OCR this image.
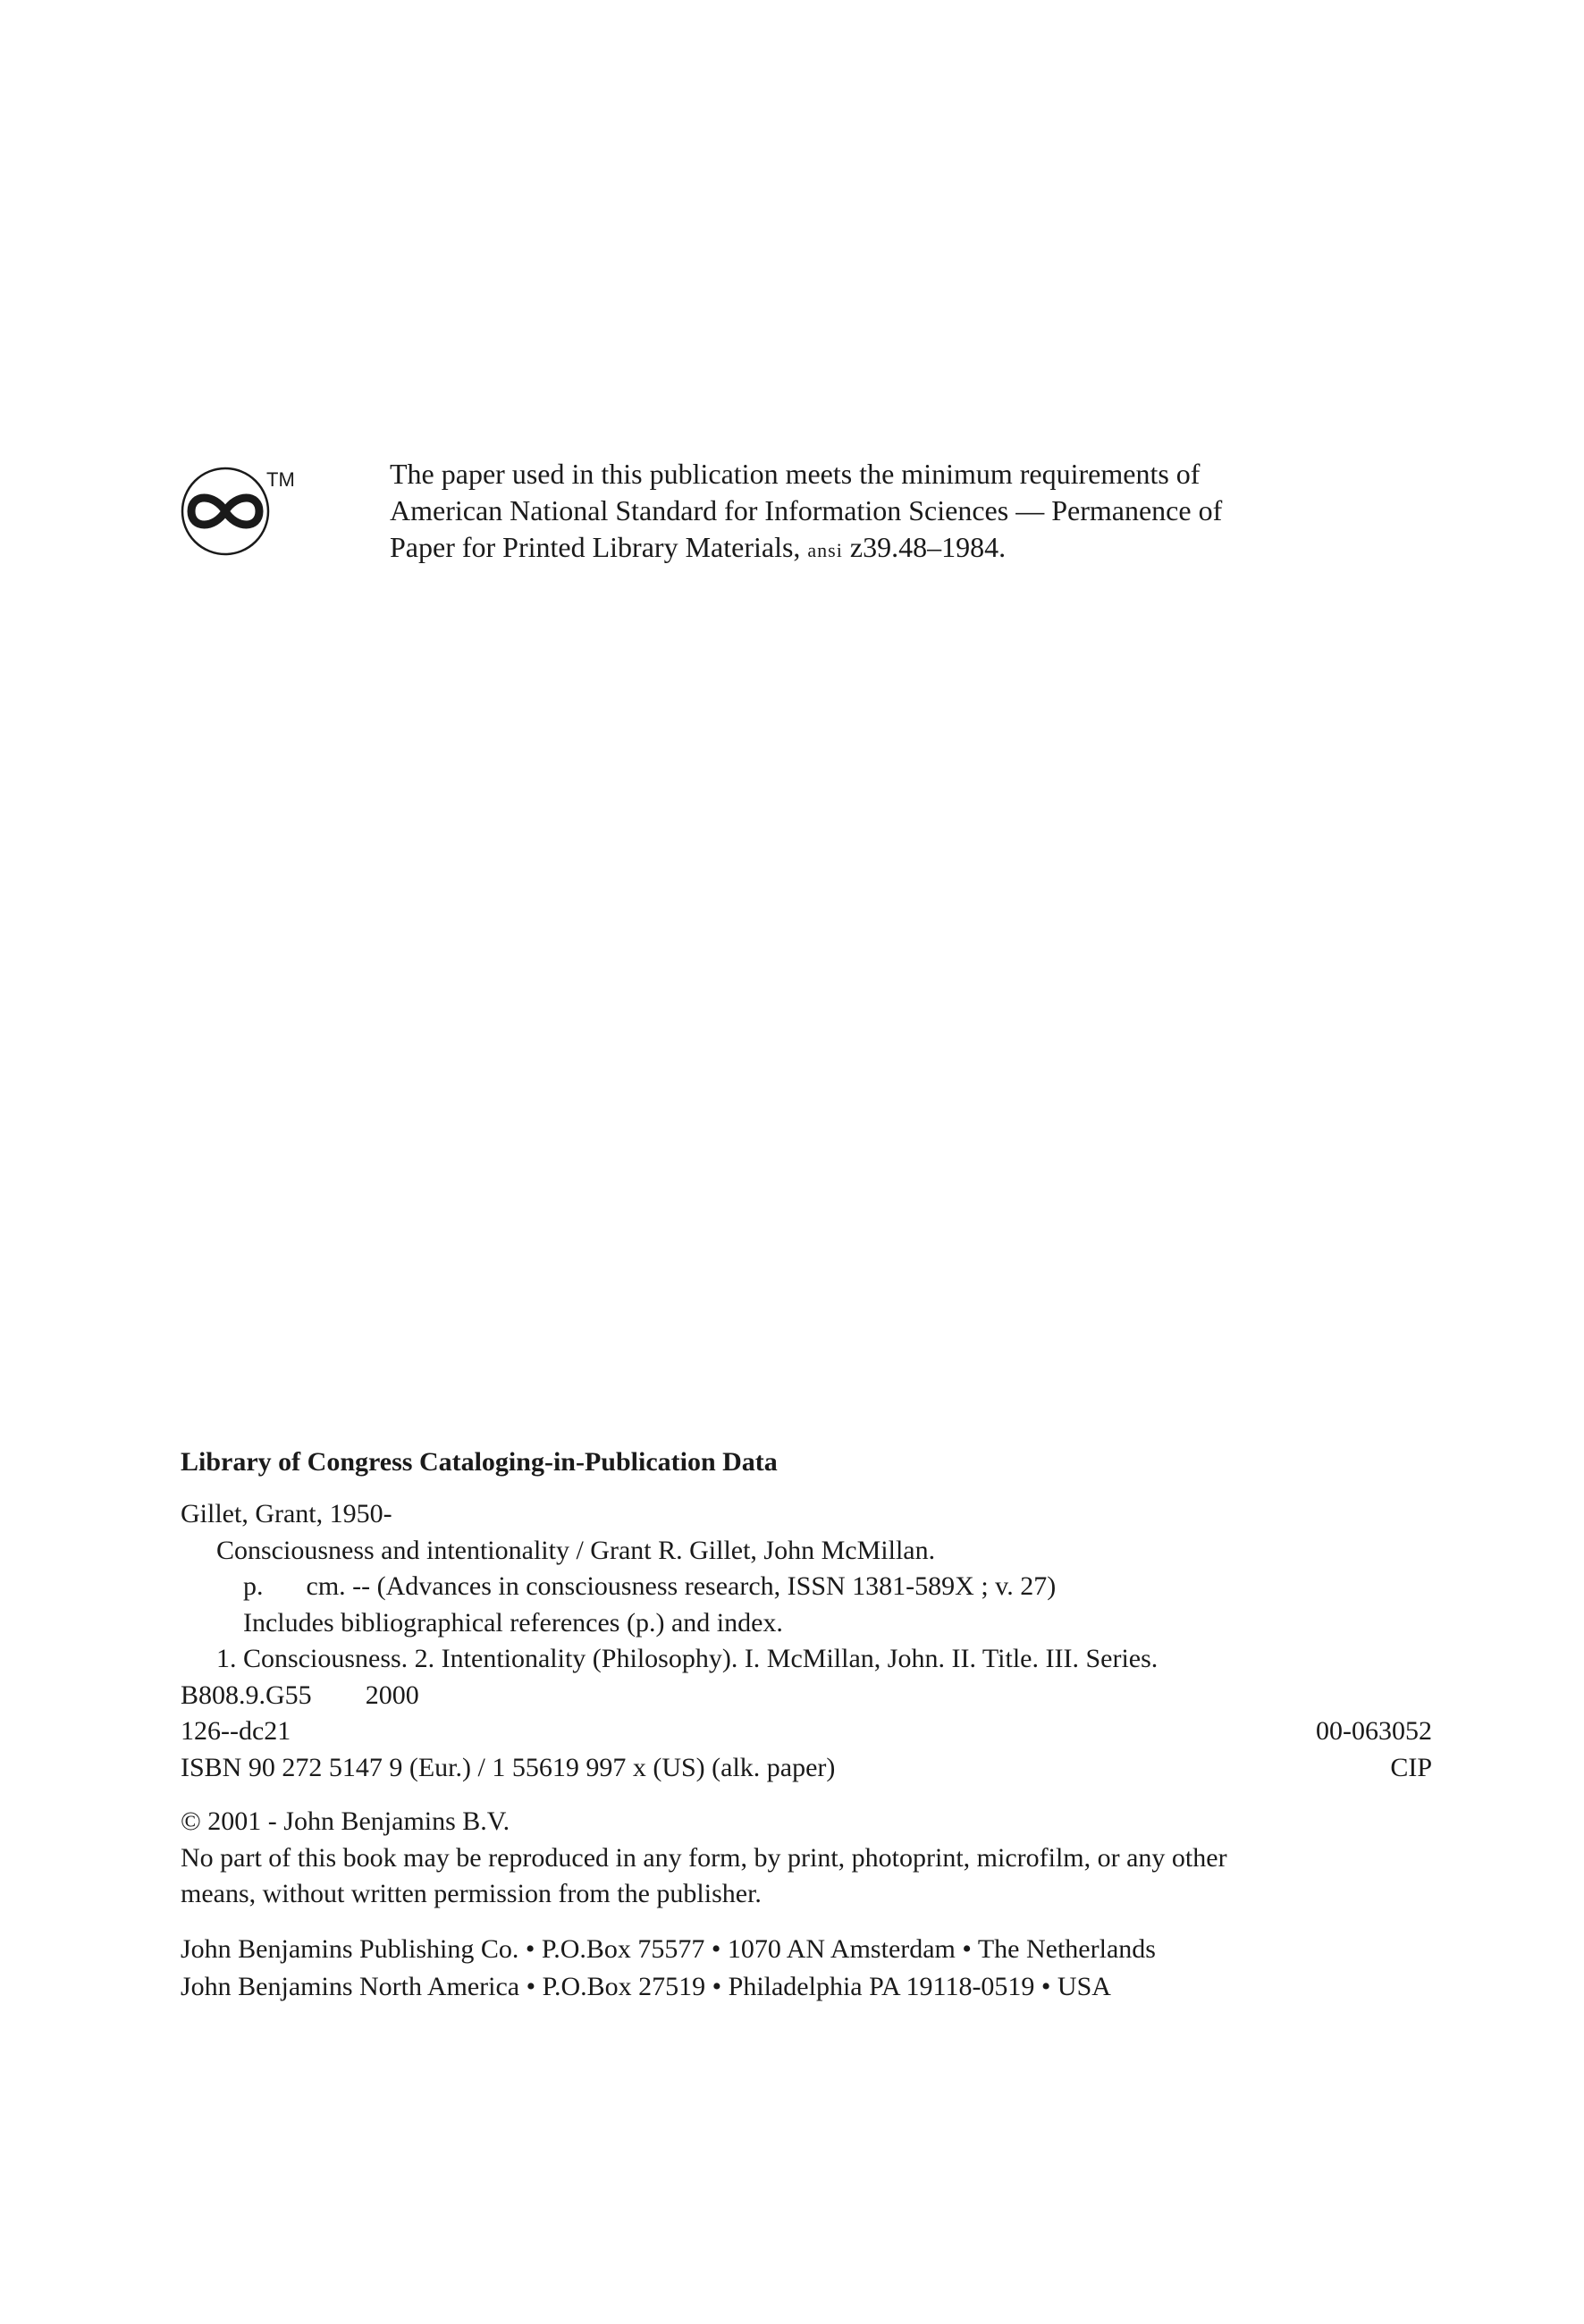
TM	The paper used in this publication meets the minimum requirements of
American National Standard for Information Sciences — Permanence of
Paper for Printed Library Materials, ansi z39.48–1984.
Library of Congress Cataloging-in-Publication Data
Gillet, Grant, 1950-
Consciousness and intentionality / Grant R. Gillet, John McMillan.
p. cm. -- (Advances in consciousness research, ISSN 1381-589X ; v. 27)
Includes bibliographical references (p.) and index.
1. Consciousness. 2. Intentionality (Philosophy). I. McMillan, John. II. Title. III. Series.
B808.9.G55 2000
126--dc21	00-063052
ISBN 90 272 5147 9 (Eur.) / 1 55619 997 x (US) (alk. paper)	CIP
© 2001 - John Benjamins B.V.
No part of this book may be reproduced in any form, by print, photoprint, microfilm, or any other
means, without written permission from the publisher.
John Benjamins Publishing Co. • P.O.Box 75577 • 1070 AN Amsterdam • The Netherlands
John Benjamins North America • P.O.Box 27519 • Philadelphia PA 19118-0519 • USA
